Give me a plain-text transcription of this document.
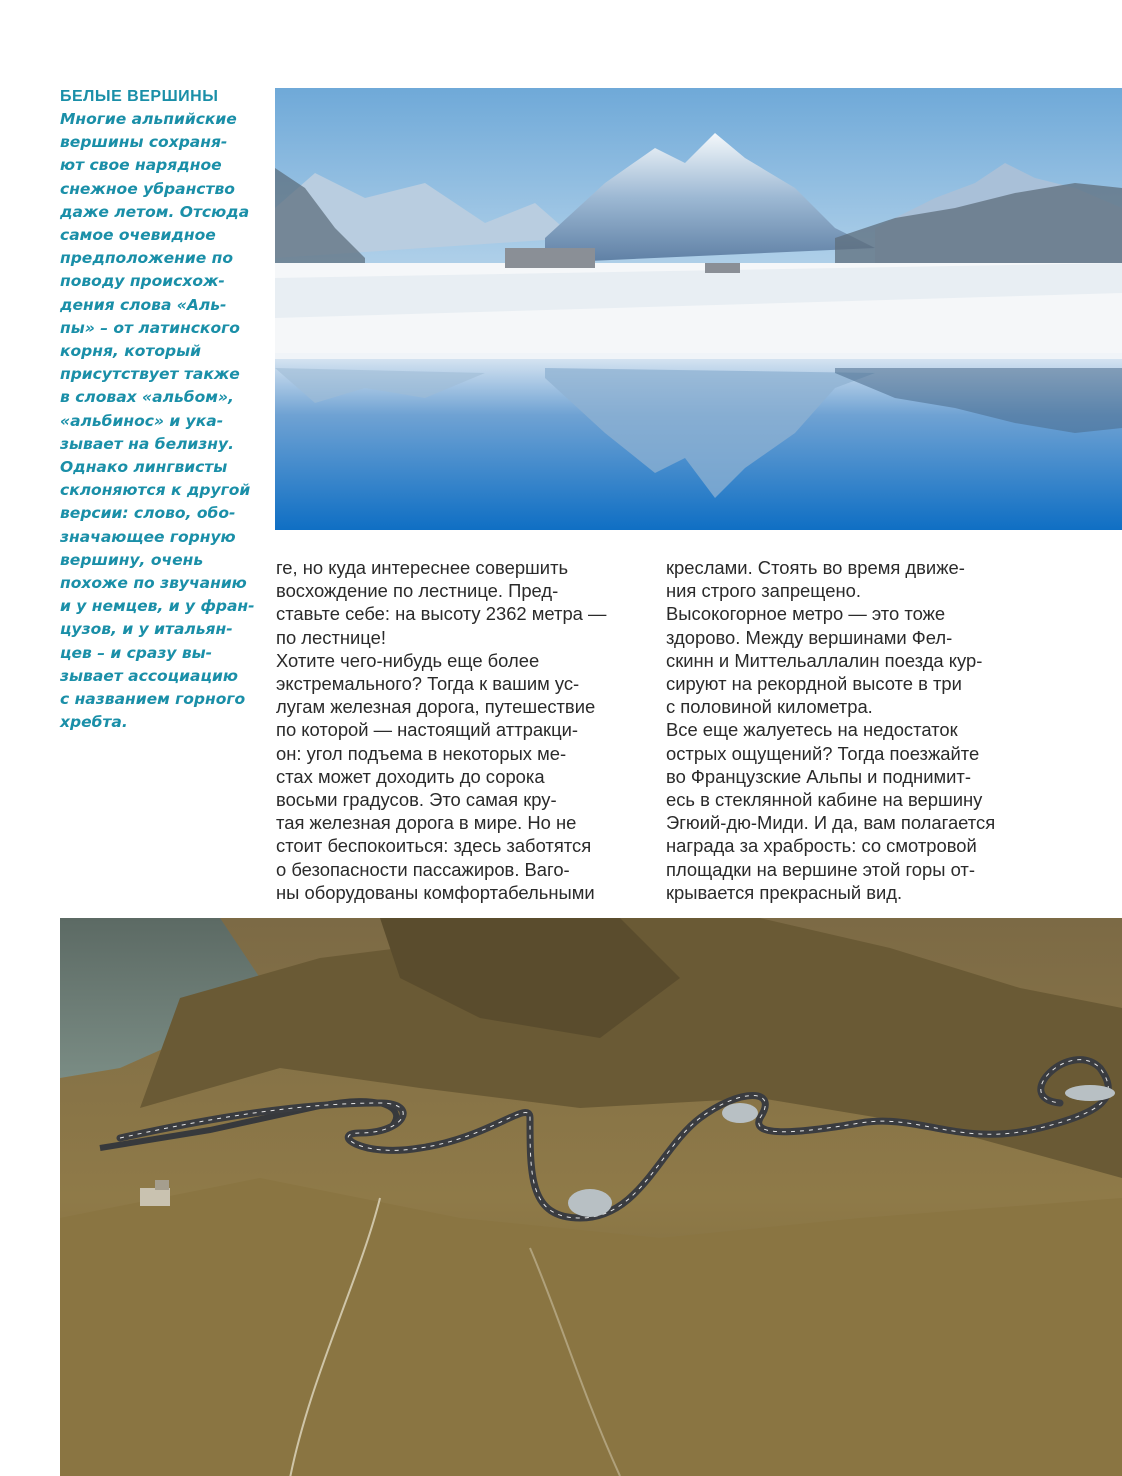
БЕЛЫЕ ВЕРШИНЫ
Многие альпийские
вершины сохраня-
ют свое нарядное
снежное убранство
даже летом. Отсюда
самое очевидное
предположение по
поводу происхож-
дения слова «Аль-
пы» – от латинского
корня, который
присутствует также
в словах «альбом»,
«альбинос» и ука-
зывает на белизну.
Однако лингвисты
склоняются к другой
версии: слово, обо-
значающее горную
вершину, очень
похоже по звучанию
и у немцев, и у фран-
цузов, и у итальян-
цев – и сразу вы-
зывает ассоциацию
с названием горного
хребта.

ге, но куда интереснее совершить
восхождение по лестнице. Пред-
ставьте себе: на высоту 2362 метра —
по лестнице!

Хотите чего-нибудь еще более
экстремального? Тогда к вашим ус-
лугам железная дорога, путешествие
по которой — настоящий аттракци-
он: угол подъема в некоторых ме-
стах может доходить до сорока
восьми градусов. Это самая кру-
тая железная дорога в мире. Но не
стоит беспокоиться: здесь заботятся
о безопасности пассажиров. Ваго-
ны оборудованы комфортабельными

креслами. Стоять во время движе-
ния строго запрещено.

Высокогорное метро — это тоже
здорово. Между вершинами Фел-
скинн и Миттельаллалин поезда кур-
сируют на рекордной высоте в три
с половиной километра.

Все еще жалуетесь на недостаток
острых ощущений? Тогда поезжайте
во Французские Альпы и поднимит-
есь в стеклянной кабине на вершину
Эгюий-дю-Миди. И да, вам полагается
награда за храбрость: со смотровой
площадки на вершине этой горы от-
крывается прекрасный вид.
